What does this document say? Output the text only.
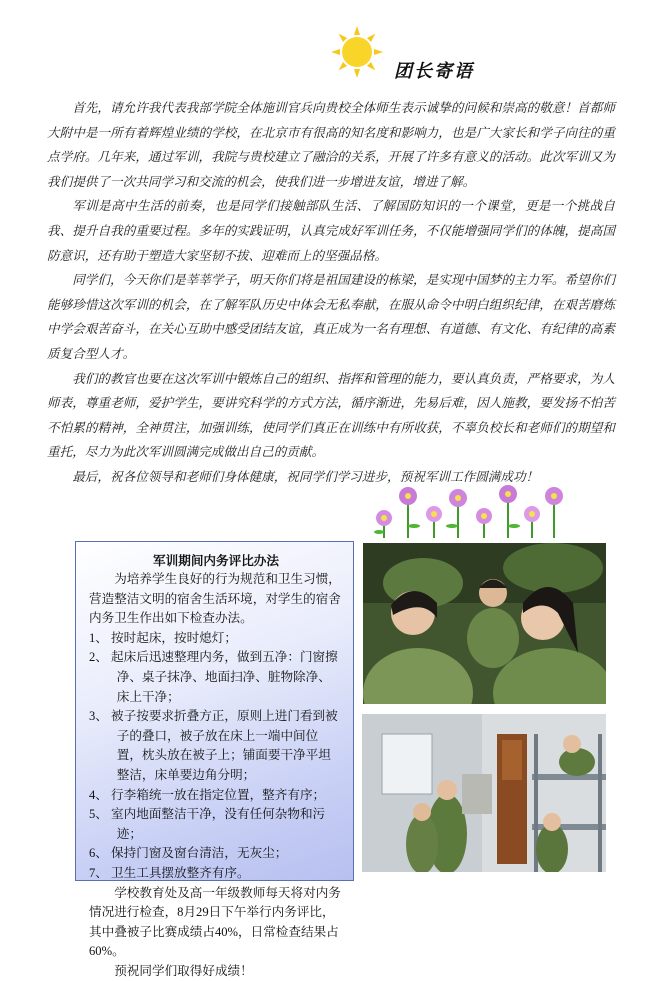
团长寄语

首先，请允许我代表我部学院全体施训官兵向贵校全体师生表示诚挚的问候和崇高的敬意！首都师大附中是一所有着辉煌业绩的学校，在北京市有很高的知名度和影响力，也是广大家长和学子向往的重点学府。几年来，通过军训，我院与贵校建立了融洽的关系，开展了许多有意义的活动。此次军训又为我们提供了一次共同学习和交流的机会，使我们进一步增进友谊，增进了解。

军训是高中生活的前奏，也是同学们接触部队生活、了解国防知识的一个课堂，更是一个挑战自我、提升自我的重要过程。多年的实践证明，认真完成好军训任务，不仅能增强同学们的体魄，提高国防意识，还有助于塑造大家坚韧不拔、迎难而上的坚强品格。

同学们，今天你们是莘莘学子，明天你们将是祖国建设的栋梁，是实现中国梦的主力军。希望你们能够珍惜这次军训的机会，在了解军队历史中体会无私奉献，在服从命令中明白组织纪律，在艰苦磨炼中学会艰苦奋斗，在关心互助中感受团结友谊，真正成为一名有理想、有道德、有文化、有纪律的高素质复合型人才。

我们的教官也要在这次军训中锻炼自己的组织、指挥和管理的能力，要认真负责，严格要求，为人师表，尊重老师，爱护学生，要讲究科学的方式方法，循序渐进，先易后难，因人施教，要发扬不怕苦不怕累的精神，全神贯注，加强训练，使同学们真正在训练中有所收获，不辜负校长和老师们的期望和重托，尽力为此次军训圆满完成做出自己的贡献。

最后，祝各位领导和老师们身体健康，祝同学们学习进步，预祝军训工作圆满成功！

军训期间内务评比办法

为培养学生良好的行为规范和卫生习惯，营造整洁文明的宿舍生活环境，对学生的宿舍内务卫生作出如下检查办法。

1、 按时起床，按时熄灯；

2、 起床后迅速整理内务，做到五净：门窗擦净、桌子抹净、地面扫净、脏物除净、床上干净；

3、 被子按要求折叠方正，原则上进门看到被子的叠口，被子放在床上一端中间位置，枕头放在被子上；铺面要干净平坦整洁，床单要边角分明；

4、 行李箱统一放在指定位置，整齐有序；

5、 室内地面整洁干净，没有任何杂物和污迹；

6、 保持门窗及窗台清洁，无灰尘；

7、 卫生工具摆放整齐有序。

学校教育处及高一年级教师每天将对内务情况进行检查，8月29日下午举行内务评比，其中叠被子比赛成绩占40%，日常检查结果占60%。

预祝同学们取得好成绩！
